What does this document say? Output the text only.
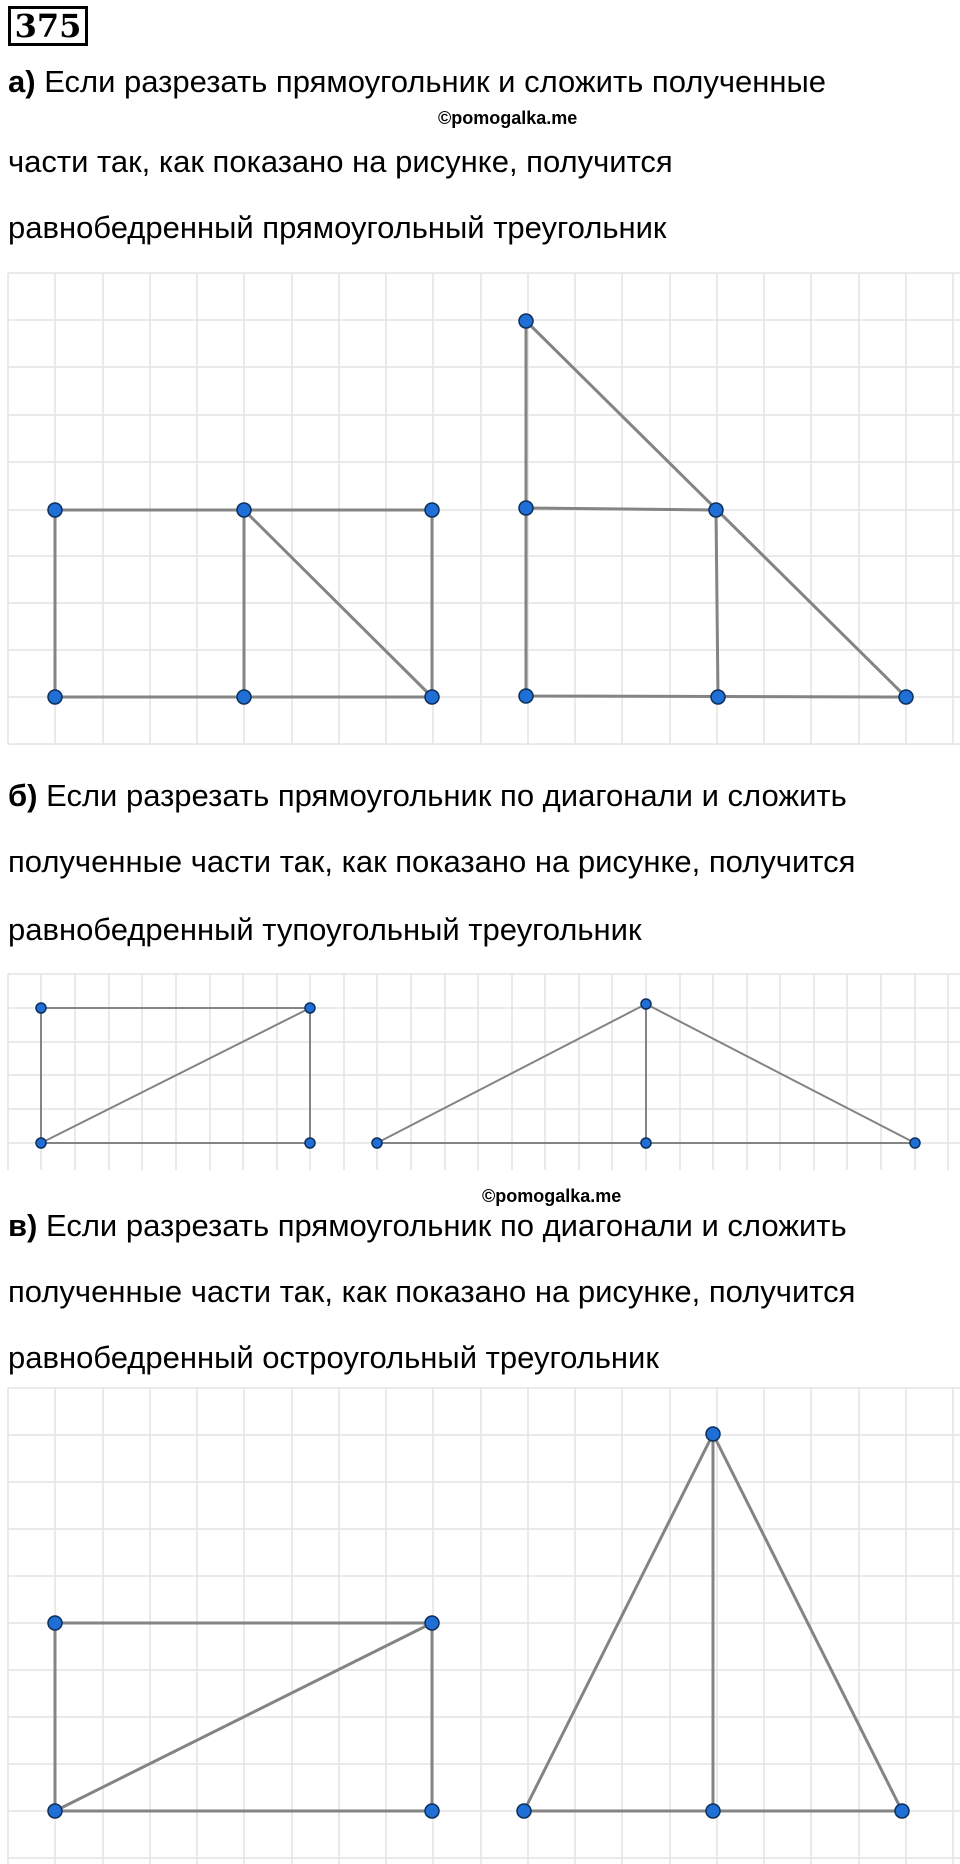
375
а) Если разрезать прямоугольник и сложить полученные
©pomogalka.me
части так, как показано на рисунке, получится
равнобедренный прямоугольный треугольник
б) Если разрезать прямоугольник по диагонали и сложить
полученные части так, как показано на рисунке, получится
равнобедренный тупоугольный треугольник
©pomogalka.me
в) Если разрезать прямоугольник по диагонали и сложить
полученные части так, как показано на рисунке, получится
равнобедренный остроугольный треугольник
